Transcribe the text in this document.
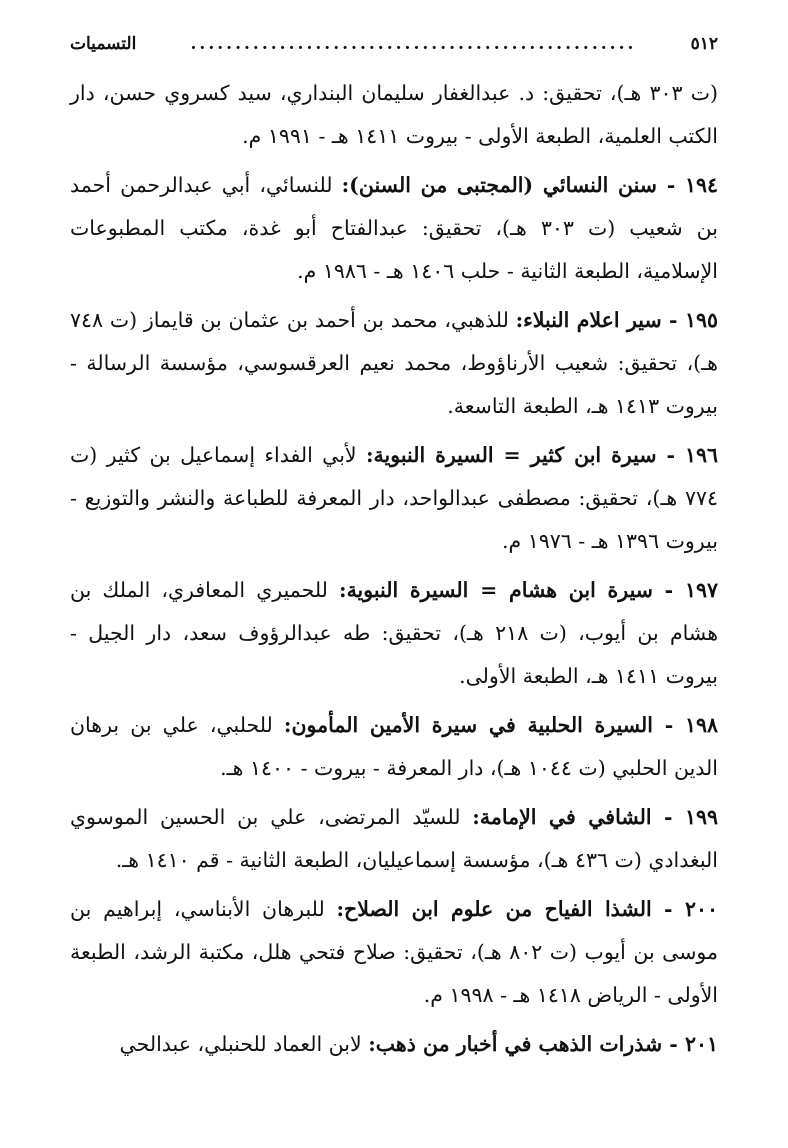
٥١٢
..................................................
التسميات

(ت ٣٠٣ هـ)، تحقيق: د. عبدالغفار سليمان البنداري، سيد كسروي حسن، دار الكتب العلمية، الطبعة الأولى - بيروت ١٤١١ هـ - ١٩٩١ م.

١٩٤ - سنن النسائي (المجتبى من السنن): للنسائي، أبي عبدالرحمن أحمد بن شعيب (ت ٣٠٣ هـ)، تحقيق: عبدالفتاح أبو غدة، مكتب المطبوعات الإسلامية، الطبعة الثانية - حلب ١٤٠٦ هـ - ١٩٨٦ م.

١٩٥ - سير اعلام النبلاء: للذهبي، محمد بن أحمد بن عثمان بن قايماز (ت ٧٤٨ هـ)، تحقيق: شعيب الأرناؤوط، محمد نعيم العرقسوسي، مؤسسة الرسالة - بيروت ١٤١٣ هـ، الطبعة التاسعة.

١٩٦ - سيرة ابن كثير = السيرة النبوية: لأبي الفداء إسماعيل بن كثير (ت ٧٧٤ هـ)، تحقيق: مصطفى عبدالواحد، دار المعرفة للطباعة والنشر والتوزيع - بيروت ١٣٩٦ هـ - ١٩٧٦ م.

١٩٧ - سيرة ابن هشام = السيرة النبوية: للحميري المعافري، الملك بن هشام بن أيوب، (ت ٢١٨ هـ)، تحقيق: طه عبدالرؤوف سعد، دار الجيل - بيروت ١٤١١ هـ، الطبعة الأولى.

١٩٨ - السيرة الحلبية في سيرة الأمين المأمون: للحلبي، علي بن برهان الدين الحلبي (ت ١٠٤٤ هـ)، دار المعرفة - بيروت - ١٤٠٠ هـ.

١٩٩ - الشافي في الإمامة: للسيّد المرتضى، علي بن الحسين الموسوي البغدادي (ت ٤٣٦ هـ)، مؤسسة إسماعيليان، الطبعة الثانية - قم ١٤١٠ هـ.

٢٠٠ - الشذا الفياح من علوم ابن الصلاح: للبرهان الأبناسي، إبراهيم بن موسى بن أيوب (ت ٨٠٢ هـ)، تحقيق: صلاح فتحي هلل، مكتبة الرشد، الطبعة الأولى - الرياض ١٤١٨ هـ - ١٩٩٨ م.

٢٠١ - شذرات الذهب في أخبار من ذهب: لابن العماد للحنبلي، عبدالحي
